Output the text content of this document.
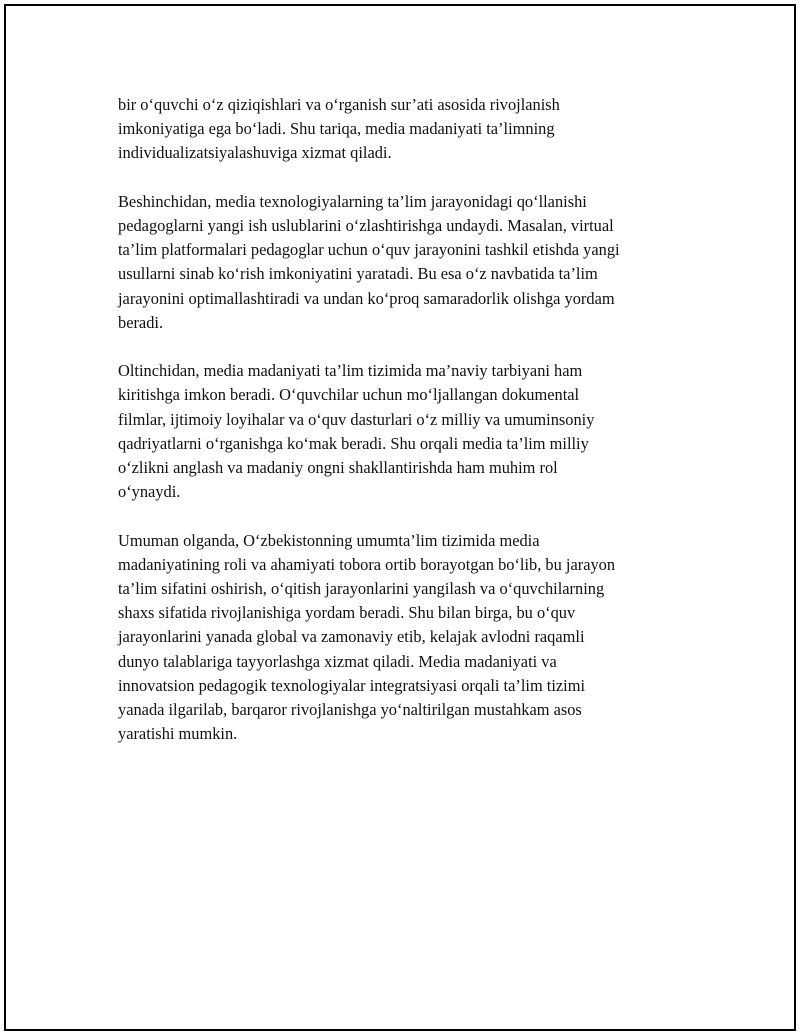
bir o‘quvchi o‘z qiziqishlari va o‘rganish sur’ati asosida rivojlanish
imkoniyatiga ega bo‘ladi. Shu tariqa, media madaniyati ta’limning
individualizatsiyalashuviga xizmat qiladi.

Beshinchidan, media texnologiyalarning ta’lim jarayonidagi qo‘llanishi
pedagoglarni yangi ish uslublarini o‘zlashtirishga undaydi. Masalan, virtual
ta’lim platformalari pedagoglar uchun o‘quv jarayonini tashkil etishda yangi
usullarni sinab ko‘rish imkoniyatini yaratadi. Bu esa o‘z navbatida ta’lim
jarayonini optimallashtiradi va undan ko‘proq samaradorlik olishga yordam
beradi.

Oltinchidan, media madaniyati ta’lim tizimida ma’naviy tarbiyani ham
kiritishga imkon beradi. O‘quvchilar uchun mo‘ljallangan dokumental
filmlar, ijtimoiy loyihalar va o‘quv dasturlari o‘z milliy va umuminsoniy
qadriyatlarni o‘rganishga ko‘mak beradi. Shu orqali media ta’lim milliy
o‘zlikni anglash va madaniy ongni shakllantirishda ham muhim rol
o‘ynaydi.

Umuman olganda, O‘zbekistonning umumta’lim tizimida media
madaniyatining roli va ahamiyati tobora ortib borayotgan bo‘lib, bu jarayon
ta’lim sifatini oshirish, o‘qitish jarayonlarini yangilash va o‘quvchilarning
shaxs sifatida rivojlanishiga yordam beradi. Shu bilan birga, bu o‘quv
jarayonlarini yanada global va zamonaviy etib, kelajak avlodni raqamli
dunyo talablariga tayyorlashga xizmat qiladi. Media madaniyati va
innovatsion pedagogik texnologiyalar integratsiyasi orqali ta’lim tizimi
yanada ilgarilab, barqaror rivojlanishga yo‘naltirilgan mustahkam asos
yaratishi mumkin.
